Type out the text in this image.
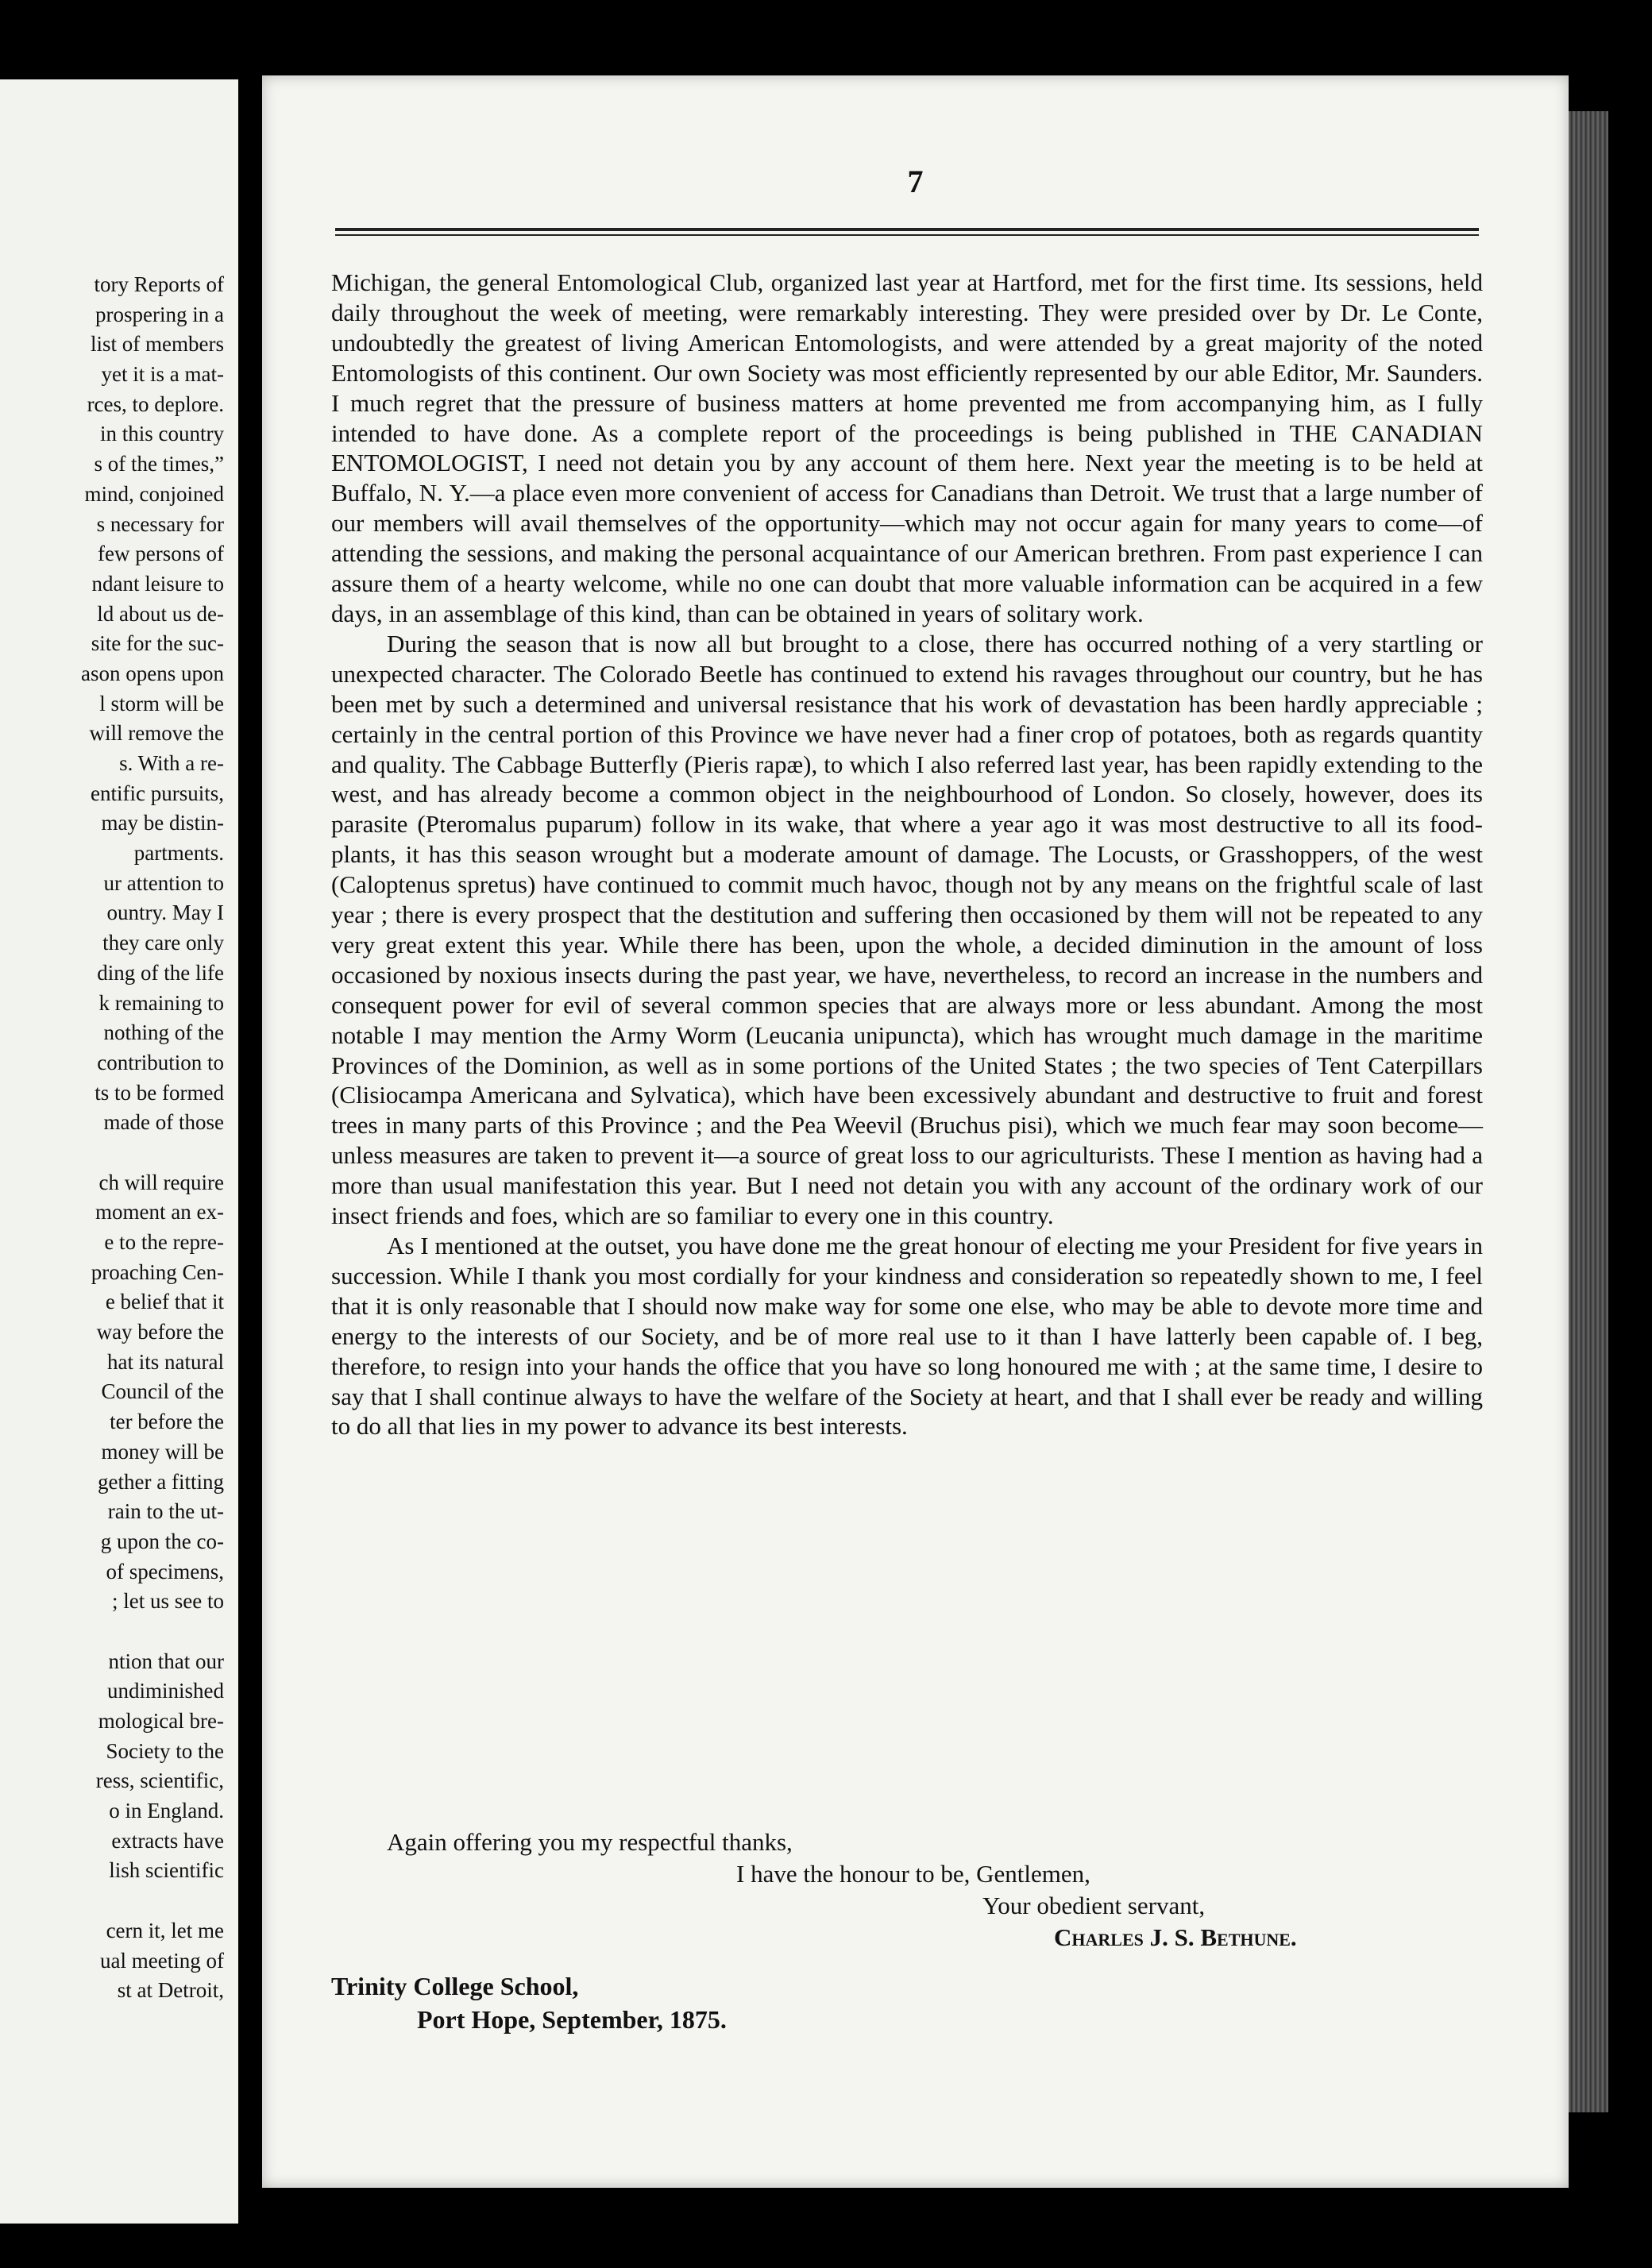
tory Reports of
prospering in a
list of members
yet it is a mat-
rces, to deplore.
in this country
s of the times,”
mind, conjoined
s necessary for
few persons of
ndant leisure to
ld about us de-
site for the suc-
ason opens upon
l storm will be
will remove the
s. With a re-
entific pursuits,
may be distin-
partments.
ur attention to
ountry. May I
they care only
ding of the life
k remaining to
nothing of the
contribution to
ts to be formed
made of those
ch will require
moment an ex-
e to the repre-
proaching Cen-
e belief that it
way before the
hat its natural
Council of the
ter before the
money will be
gether a fitting
rain to the ut-
g upon the co-
of specimens,
; let us see to
ntion that our
undiminished
mological bre-
Society to the
ress, scientific,
o in England.
extracts have
lish scientific
cern it, let me
ual meeting of
st at Detroit,
7

Michigan, the general Entomological Club, organized last year at Hartford, met for the first time. Its sessions, held daily throughout the week of meeting, were remarkably interesting. They were presided over by Dr. Le Conte, undoubtedly the greatest of living American Entomologists, and were attended by a great majority of the noted Entomologists of this continent. Our own Society was most efficiently represented by our able Editor, Mr. Saunders. I much regret that the pressure of business matters at home prevented me from accompanying him, as I fully intended to have done. As a complete report of the proceedings is being published in THE CANADIAN ENTOMOLOGIST, I need not detain you by any account of them here. Next year the meeting is to be held at Buffalo, N. Y.—a place even more convenient of access for Canadians than Detroit. We trust that a large number of our members will avail themselves of the opportunity—which may not occur again for many years to come—of attending the sessions, and making the personal acquaintance of our American brethren. From past experience I can assure them of a hearty welcome, while no one can doubt that more valuable information can be acquired in a few days, in an assemblage of this kind, than can be obtained in years of solitary work.

During the season that is now all but brought to a close, there has occurred nothing of a very startling or unexpected character. The Colorado Beetle has continued to extend his ravages throughout our country, but he has been met by such a determined and universal resistance that his work of devastation has been hardly appreciable ; certainly in the central portion of this Province we have never had a finer crop of potatoes, both as regards quantity and quality. The Cabbage Butterfly (Pieris rapæ), to which I also referred last year, has been rapidly extending to the west, and has already become a common object in the neighbourhood of London. So closely, however, does its parasite (Pteromalus puparum) follow in its wake, that where a year ago it was most destructive to all its food-plants, it has this season wrought but a moderate amount of damage. The Locusts, or Grasshoppers, of the west (Caloptenus spretus) have continued to commit much havoc, though not by any means on the frightful scale of last year ; there is every prospect that the destitution and suffering then occasioned by them will not be repeated to any very great extent this year. While there has been, upon the whole, a decided diminution in the amount of loss occasioned by noxious insects during the past year, we have, nevertheless, to record an increase in the numbers and consequent power for evil of several common species that are always more or less abundant. Among the most notable I may mention the Army Worm (Leucania unipuncta), which has wrought much damage in the maritime Provinces of the Dominion, as well as in some portions of the United States ; the two species of Tent Caterpillars (Clisiocampa Americana and Sylvatica), which have been excessively abundant and destructive to fruit and forest trees in many parts of this Province ; and the Pea Weevil (Bruchus pisi), which we much fear may soon become—unless measures are taken to prevent it—a source of great loss to our agriculturists. These I mention as having had a more than usual manifestation this year. But I need not detain you with any account of the ordinary work of our insect friends and foes, which are so familiar to every one in this country.

As I mentioned at the outset, you have done me the great honour of electing me your President for five years in succession. While I thank you most cordially for your kindness and consideration so repeatedly shown to me, I feel that it is only reasonable that I should now make way for some one else, who may be able to devote more time and energy to the interests of our Society, and be of more real use to it than I have latterly been capable of. I beg, therefore, to resign into your hands the office that you have so long honoured me with ; at the same time, I desire to say that I shall continue always to have the welfare of the Society at heart, and that I shall ever be ready and willing to do all that lies in my power to advance its best interests.

Again offering you my respectful thanks,
I have the honour to be, Gentlemen,
Your obedient servant,
Charles J. S. Bethune.
Trinity College School,
Port Hope, September, 1875.
